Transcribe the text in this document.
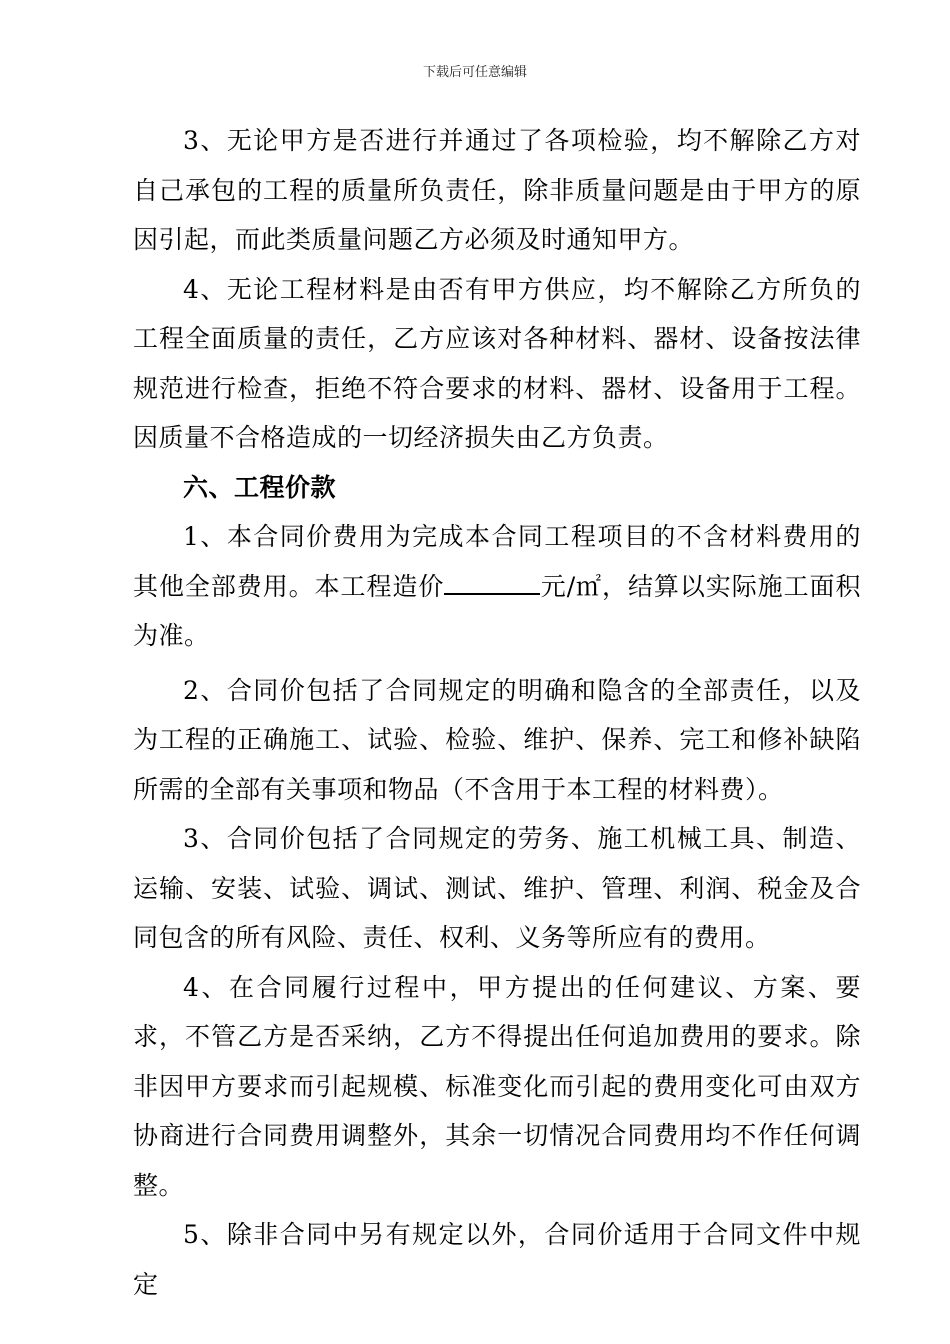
下载后可任意编辑

3、无论甲方是否进行并通过了各项检验，均不解除乙方对自己承包的工程的质量所负责任，除非质量问题是由于甲方的原因引起，而此类质量问题乙方必须及时通知甲方。

4、无论工程材料是由否有甲方供应，均不解除乙方所负的工程全面质量的责任，乙方应该对各种材料、器材、设备按法律规范进行检查，拒绝不符合要求的材料、器材、设备用于工程。因质量不合格造成的一切经济损失由乙方负责。

六、工程价款

1、本合同价费用为完成本合同工程项目的不含材料费用的其他全部费用。本工程造价	元/㎡，结算以实际施工面积为准。

2、合同价包括了合同规定的明确和隐含的全部责任，以及为工程的正确施工、试验、检验、维护、保养、完工和修补缺陷所需的全部有关事项和物品（不含用于本工程的材料费）。

3、合同价包括了合同规定的劳务、施工机械工具、制造、运输、安装、试验、调试、测试、维护、管理、利润、税金及合同包含的所有风险、责任、权利、义务等所应有的费用。

4、在合同履行过程中，甲方提出的任何建议、方案、要求，不管乙方是否采纳，乙方不得提出任何追加费用的要求。除非因甲方要求而引起规模、标准变化而引起的费用变化可由双方协商进行合同费用调整外，其余一切情况合同费用均不作任何调整。

5、除非合同中另有规定以外，合同价适用于合同文件中规定
